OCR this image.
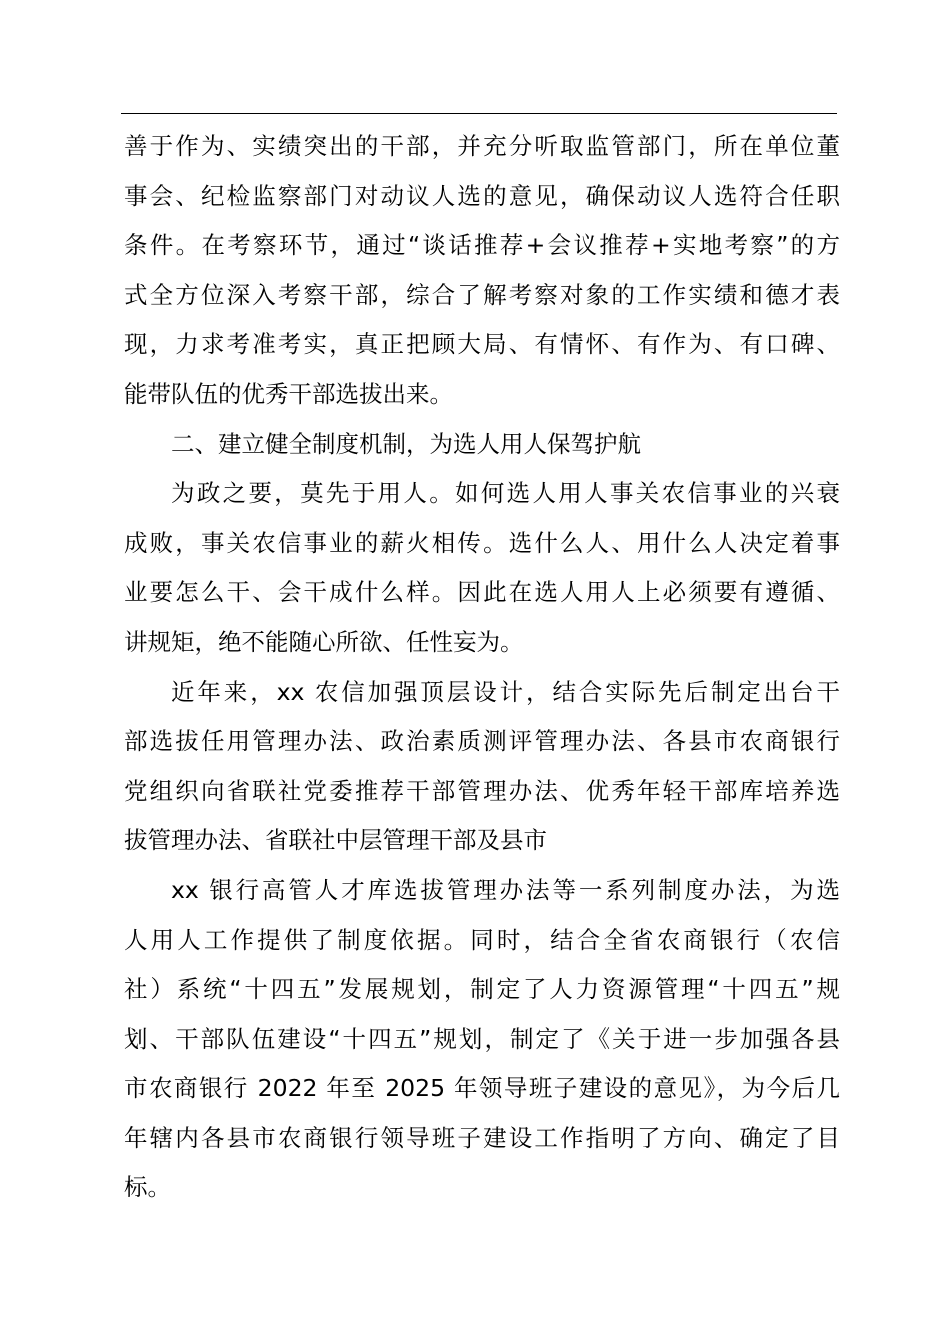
善于作为、实绩突出的干部，并充分听取监管部门，所在单位董
事会、纪检监察部门对动议人选的意见，确保动议人选符合任职
条件。在考察环节，通过“谈话推荐+会议推荐+实地考察”的方
式全方位深入考察干部，综合了解考察对象的工作实绩和德才表
现，力求考准考实，真正把顾大局、有情怀、有作为、有口碑、
能带队伍的优秀干部选拔出来。
二、建立健全制度机制，为选人用人保驾护航
为政之要，莫先于用人。如何选人用人事关农信事业的兴衰
成败，事关农信事业的薪火相传。选什么人、用什么人决定着事
业要怎么干、会干成什么样。因此在选人用人上必须要有遵循、
讲规矩，绝不能随心所欲、任性妄为。
近年来，xx 农信加强顶层设计，结合实际先后制定出台干
部选拔任用管理办法、政治素质测评管理办法、各县市农商银行
党组织向省联社党委推荐干部管理办法、优秀年轻干部库培养选
拔管理办法、省联社中层管理干部及县市
xx 银行高管人才库选拔管理办法等一系列制度办法，为选
人用人工作提供了制度依据。同时，结合全省农商银行（农信
社）系统“十四五”发展规划，制定了人力资源管理“十四五”规
划、干部队伍建设“十四五”规划，制定了《关于进一步加强各县
市农商银行 2022 年至 2025 年领导班子建设的意见》，为今后几
年辖内各县市农商银行领导班子建设工作指明了方向、确定了目
标。
